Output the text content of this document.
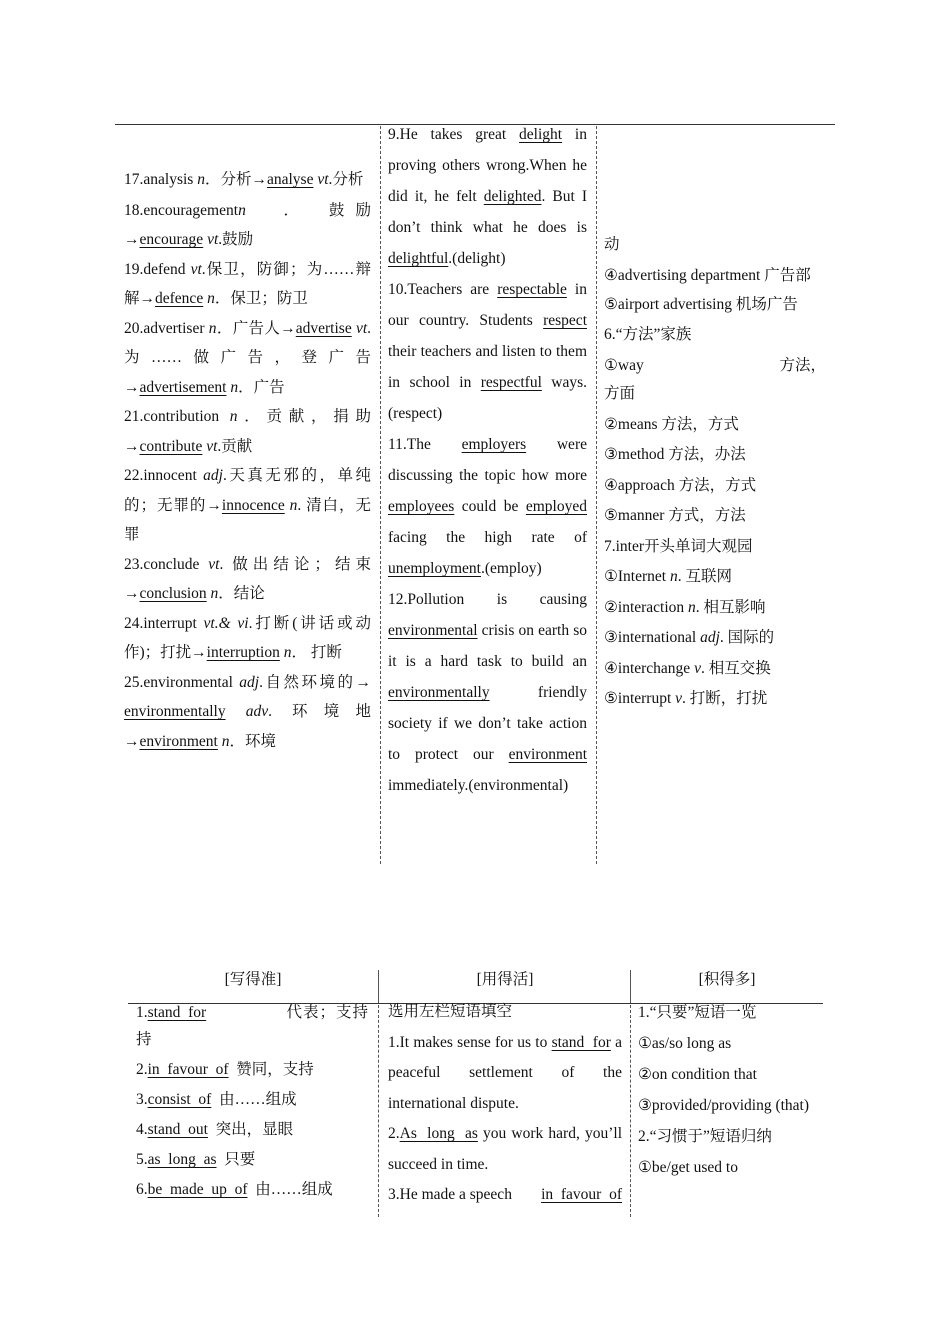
17.analysis n．分析→analyse vt.分析
18.encouragementn　．　鼓励→encourage vt.鼓励
19.defend vt.保卫，防御；为……辩解→defence n．保卫；防卫
20.advertiser n．广告人→advertise vt. 为……做广告，登广告→advertisement n．广告
21.contribution n．贡献，捐助→contribute vt.贡献
22.innocent adj.天真无邪的，单纯的；无罪的→innocence n. 清白，无罪
23.conclude vt. 做出结论；结束→conclusion n．结论
24.interrupt vt.& vi.打断(讲话或动作)；打扰→interruption n． 打断
25.environmental adj.自然环境的→ environmentally adv. 环境地→environment n．环境
9.He takes great delight in proving others wrong.When he did it, he felt delighted. But I don’t think what he does is delightful.(delight)
10.Teachers are respectable in our country. Students respect their teachers and listen to them in school in respectful ways.(respect)
11.The employers were discussing the topic how more employees could be employed facing the high rate of unemployment.(employ)
12.Pollution is causing environmental crisis on earth so it is a hard task to build an environmentally friendly society if we don’t take action to protect our environment immediately.(environmental)
动
④advertising department 广告部
⑤airport advertising 机场广告
6.“方法”家族
①way	方法，
方面
②means 方法，方式
③method 方法，办法
④approach 方法，方式
⑤manner 方式，方法
7.inter开头单词大观园
①Internet n. 互联网
②interaction n. 相互影响
③international adj. 国际的
④interchange v. 相互交换
⑤interrupt v. 打断，打扰
[写得准]	[用得活]	[积得多]
1.stand  for	代表；支持
持
2.in  favour  of 赞同，支持
3.consist  of 由……组成
4.stand  out 突出，显眼
5.as  long  as 只要
6.be  made  up  of 由……组成
选用左栏短语填空
1.It makes sense for us to stand  for a peaceful settlement of the international dispute.
2.As  long  as you work hard, you’ll succeed in time.
3.He made a speech in  favour  of
1.“只要”短语一览
①as/so long as
②on condition that
③provided/providing (that)
2.“习惯于”短语归纳
①be/get used to
